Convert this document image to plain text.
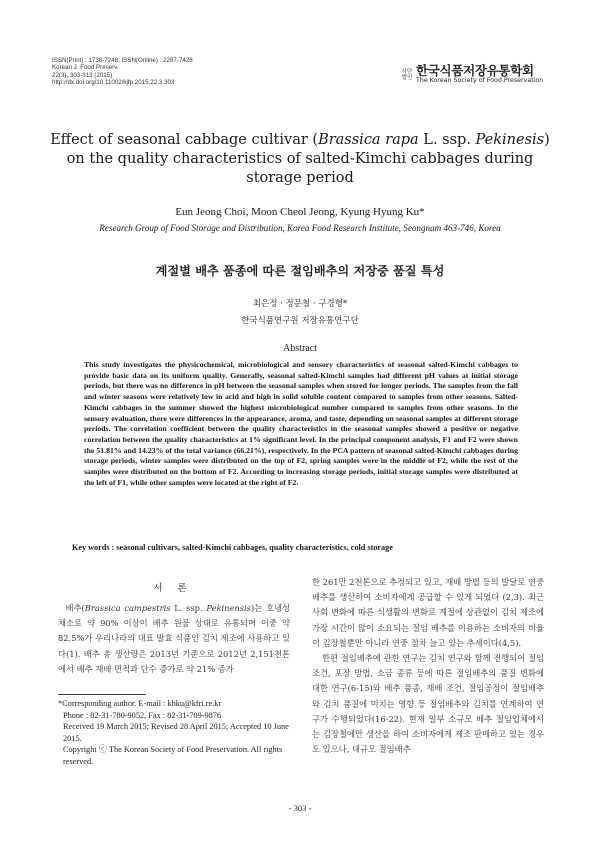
ISSN(Print) : 1738-7248, ISSN(Online) : 2287-7428
Korean J. Food Preserv.
22(3), 303-313 (2015)
http://dx.doi.org/10.11002/kjfp.2015.22.3.303
사단
법인 한국식품저장유통학회
The Korean Society of Food Preservation
Effect of seasonal cabbage cultivar (Brassica rapa L. ssp. Pekinesis)
on the quality characteristics of salted-Kimchi cabbages during
storage period
Eun Jeong Choi, Moon Cheol Jeong, Kyung Hyung Ku*
Research Group of Food Storage and Distribution, Korea Food Research Institute, Seongnam 463-746, Korea
계절별 배추 품종에 따른 절임배추의 저장중 품질 특성
최은정 · 정문철 · 구경형*
한국식품연구원 저장유통연구단
Abstract
This study investigates the physicochemical, microbiological and sensory characteristics of seasonal salted-Kimchi cabbages to provide basic data on its uniform quality. Generally, seasonal salted-Kimchi samples had different pH values at initial storage periods, but there was no difference in pH between the seasonal samples when stored for longer periods. The samples from the fall and winter seasons were relatively low in acid and high in solid soluble content compared to samples from other seasons. Salted-Kimchi cabbages in the summer showed the highest microbiological number compared to samples from other seasons. In the sensory evaluation, there were differences in the appearance, aroma, and taste, depending on seasonal samples at different storage periods. The correlation coefficient between the quality characteristics in the seasonal samples showed a positive or negative correlation between the quality characteristics at 1% significant level. In the principal component analysis, F1 and F2 were shown the 51.81% and 14.23% of the total variance (66.21%), respectively. In the PCA pattern of seasonal salted-Kimchi cabbages during storage periods, winter samples were distributed on the top of F2, spring samples were in the middle of F2, while the rest of the samples were distributed on the bottom of F2. According to increasing storage periods, initial storage samples were distributed at the left of F1, while other samples were located at the right of F2.
Key words : seasonal cultivars, salted-Kimchi cabbages, quality characteristics, cold storage
서 론
배추(Brassica campestris L. ssp. Pekinensis)는 호냉성 채소로 약 90% 이상이 배추 원물 상태로 유통되며 이중 약 82.5%가 우리나라의 대표 발효 식품인 김치 제조에 사용하고 있다(1). 배추 총 생산량은 2013년 기준으로 2012년 2,151천톤에서 배추 재배 면적과 단수 증가로 약 21% 증가
한 261만 2천톤으로 추정되고 있고, 재배 방법 등의 발달로 연중 배추를 생산하여 소비자에게 공급할 수 있게 되었다 (2,3). 최근 사회 변화에 따른 식생활의 변화로 계절에 상관없이 김치 제조에 가장 시간이 많이 소요되는 절임 배추를 이용하는 소비자의 비율이 김장철뿐만 아니라 연중 점차 늘고 있는 추세이다(4,5).
한편 절임배추에 관한 연구는 김치 연구와 함께 진행되어 절임조건, 포장 방법, 소금 종류 등에 따른 절임배추의 품질 변화에 대한 연구(6-15)와 배추 품종, 재배 조건, 절임공정이 절임배추와 김치 품질에 미치는 영향 등 절임배추와 김치를 연계하여 연구가 수행되었다(16-22). 현재 일부 소규모 배추 절임업체에서는 김장철에만 생산을 하여 소비자에게 제조 판매하고 있는 경우도 있으나, 대규모 절임배추
*Corresponding author. E-mail : khku@kfri.re.kr
Phone : 82-31-780-9052, Fax : 82-31-709-9876
Received 19 March 2015; Revised 28 April 2015; Accepted 10 June 2015.
Copyright ⓒ The Korean Society of Food Preservation. All rights reserved.
- 303 -
